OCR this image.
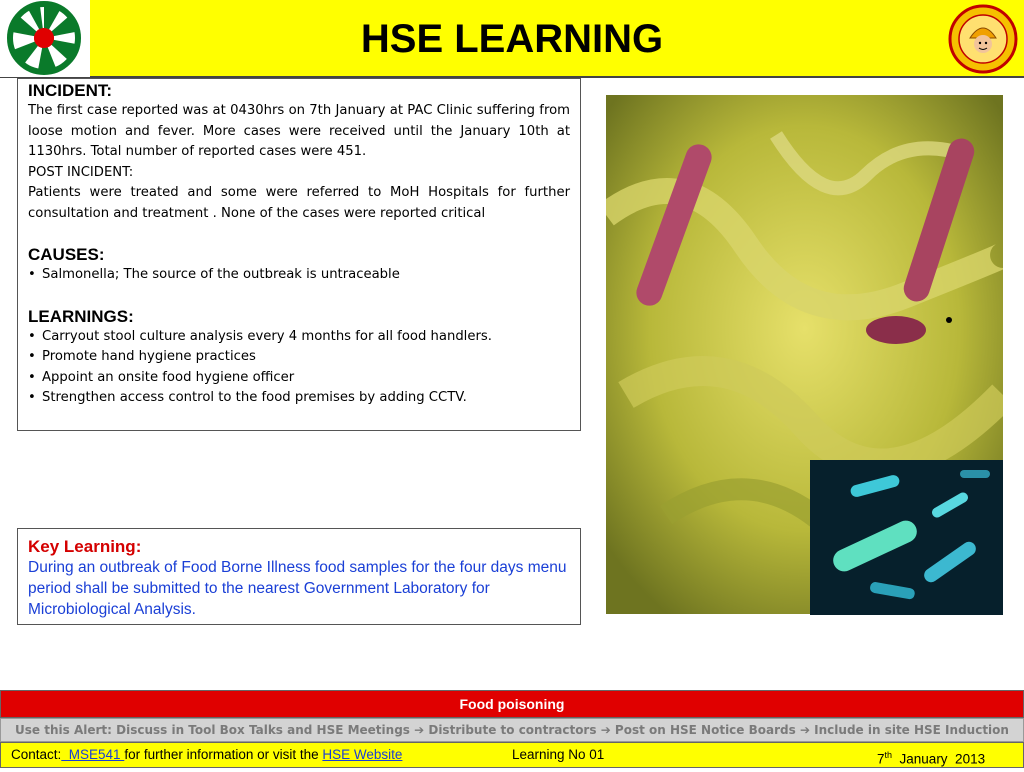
HSE LEARNING

INCIDENT:

The first case reported was at 0430hrs on 7th January at PAC Clinic suffering from loose motion and fever. More cases were received until the January 10th at 1130hrs. Total number of reported cases were 451.

POST INCIDENT:

Patients were treated and some were referred to MoH Hospitals for further consultation and treatment . None of the cases were reported critical

CAUSES:

• Salmonella; The source of the outbreak is untraceable

LEARNINGS:

• Carryout stool culture analysis every 4 months for all food handlers.
• Promote hand hygiene practices
• Appoint an onsite food hygiene officer
• Strengthen access control to the food premises by adding CCTV.

Key Learning:

During an outbreak of Food Borne Illness food samples for the four days menu period shall be submitted to the nearest Government Laboratory for Microbiological Analysis.

Food poisoning
Use this Alert: Discuss in Tool Box Talks and HSE Meetings ➔ Distribute to contractors ➔ Post on HSE Notice Boards ➔ Include in site HSE Induction
Contact:  MSE541 for further information or visit the HSE Website	Learning No 01	7th  January  2013
